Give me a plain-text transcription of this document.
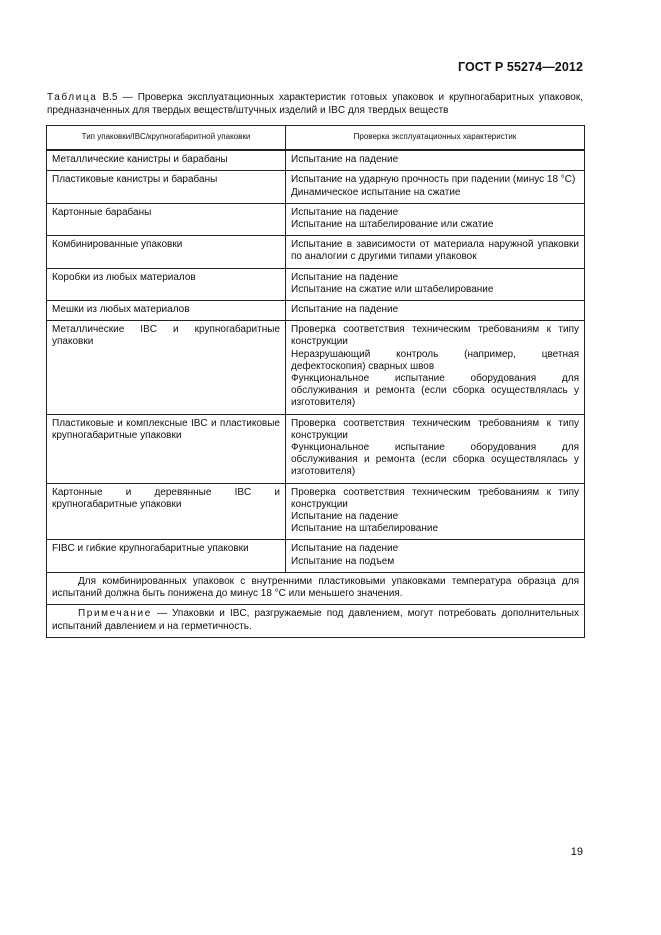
ГОСТ Р 55274—2012
Таблица В.5 — Проверка эксплуатационных характеристик готовых упаковок и крупногабаритных упаковок, предназначенных для твердых веществ/штучных изделий и IBC для твердых веществ
Тип упаковки/IBC/крупногабаритной упаковки	Проверка эксплуатационных характеристик
Металлические канистры и барабаны	Испытание на падение

Пластиковые канистры и барабаны	Испытание на ударную прочность при падении (минус 18 °С)
Динамическое испытание на сжатие

Картонные барабаны	Испытание на падение
Испытание на штабелирование или сжатие

Комбинированные упаковки	Испытание в зависимости от материала наружной упаковки по аналогии с другими типами упаковок

Коробки из любых материалов	Испытание на падение
Испытание на сжатие или штабелирование

Мешки из любых материалов	Испытание на падение

Металлические IBC и крупногабаритные упаковки	Проверка соответствия техническим требованиям к типу конструкции
Неразрушающий контроль (например, цветная дефектоскопия) сварных швов
Функциональное испытание оборудования для обслуживания и ремонта (если сборка осуществлялась у изготовителя)

Пластиковые и комплексные IBC и пластиковые крупногабаритные упаковки	Проверка соответствия техническим требованиям к типу конструкции
Функциональное испытание оборудования для обслуживания и ремонта (если сборка осуществлялась у изготовителя)

Картонные и деревянные IBC и крупногабаритные упаковки	Проверка соответствия техническим требованиям к типу конструкции
Испытание на падение
Испытание на штабелирование

FIBC и гибкие крупногабаритные упаковки	Испытание на падение
Испытание на подъем

Для комбинированных упаковок с внутренними пластиковыми упаковками температура образца для испытаний должна быть понижена до минус 18 °С или меньшего значения.	
Примечание — Упаковки и IBC, разгружаемые под давлением, могут потребовать дополнительных испытаний давлением и на герметичность.	
19
